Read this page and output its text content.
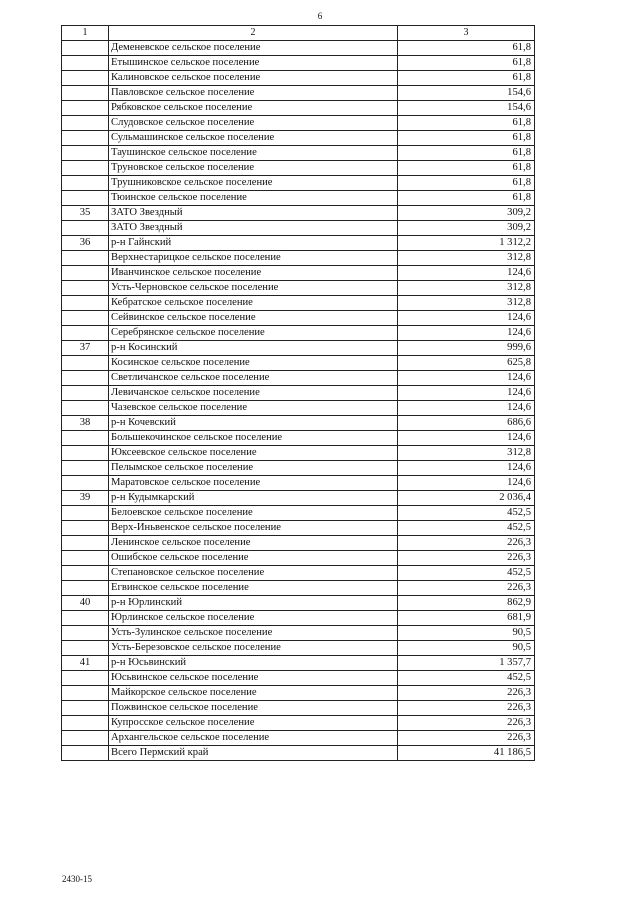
6
1	2	3
	Деменевское сельское поселение	61,8
	Етышинское сельское поселение	61,8
	Калиновское сельское поселение	61,8
	Павловское сельское поселение	154,6
	Рябковское сельское поселение	154,6
	Слудовское сельское поселение	61,8
	Сульмашинское сельское поселение	61,8
	Таушинское сельское поселение	61,8
	Труновское сельское поселение	61,8
	Трушниковское сельское поселение	61,8
	Тюинское сельское поселение	61,8
35	ЗАТО Звездный	309,2
	ЗАТО Звездный	309,2
36	р-н Гайнский	1 312,2
	Верхнестарицкое сельское поселение	312,8
	Иванчинское сельское поселение	124,6
	Усть-Черновское сельское поселение	312,8
	Кебратское сельское поселение	312,8
	Сейвинское сельское поселение	124,6
	Серебрянское сельское поселение	124,6
37	р-н Косинский	999,6
	Косинское сельское поселение	625,8
	Светличанское сельское поселение	124,6
	Левичанское сельское поселение	124,6
	Чазевское сельское поселение	124,6
38	р-н Кочевский	686,6
	Большекочинское сельское поселение	124,6
	Юксеевское сельское поселение	312,8
	Пелымское сельское поселение	124,6
	Маратовское сельское поселение	124,6
39	р-н Кудымкарский	2 036,4
	Белоевское сельское поселение	452,5
	Верх-Иньвенское сельское поселение	452,5
	Ленинское сельское поселение	226,3
	Ошибское сельское поселение	226,3
	Степановское сельское поселение	452,5
	Егвинское сельское поселение	226,3
40	р-н Юрлинский	862,9
	Юрлинское сельское поселение	681,9
	Усть-Зулинское сельское поселение	90,5
	Усть-Березовское сельское поселение	90,5
41	р-н Юсьвинский	1 357,7
	Юсьвинское сельское поселение	452,5
	Майкорское сельское поселение	226,3
	Пожвинское сельское поселение	226,3
	Купросское сельское поселение	226,3
	Архангельское сельское поселение	226,3
	Всего Пермский край	41 186,5
2430-15
